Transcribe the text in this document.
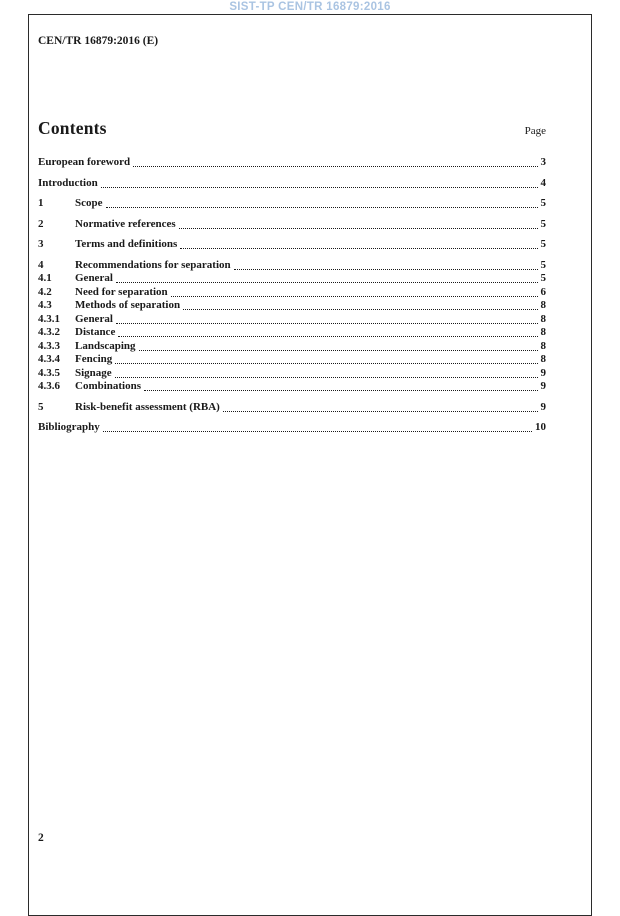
SIST-TP CEN/TR 16879:2016
CEN/TR 16879:2016 (E)
Contents	Page
European foreword	3
Introduction	4
1	Scope	5
2	Normative references	5
3	Terms and definitions	5
4	Recommendations for separation	5
4.1	General	5
4.2	Need for separation	6
4.3	Methods of separation	8
4.3.1	General	8
4.3.2	Distance	8
4.3.3	Landscaping	8
4.3.4	Fencing	8
4.3.5	Signage	9
4.3.6	Combinations	9
5	Risk-benefit assessment (RBA)	9
Bibliography	10
2
